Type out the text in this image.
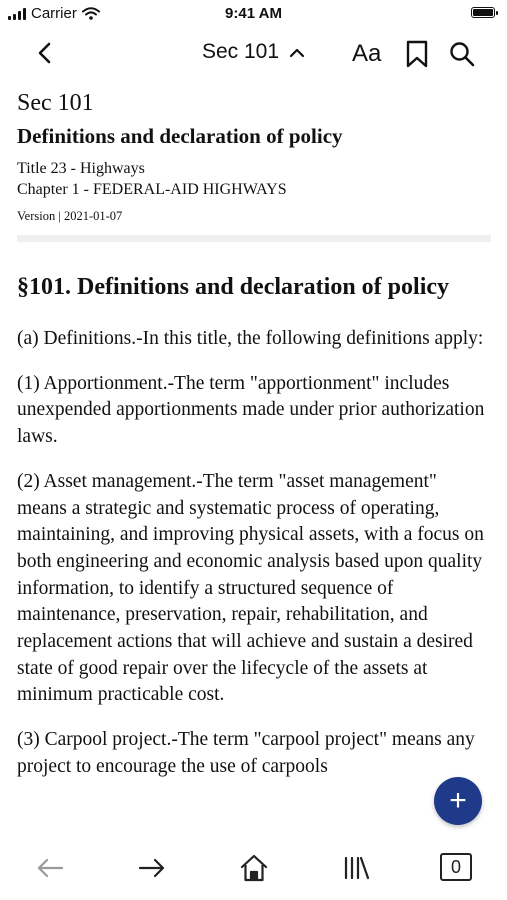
Carrier	9:41 AM
Sec 101	Aa

Sec 101

Definitions and declaration of policy

Title 23 - Highways

Chapter 1 - FEDERAL-AID HIGHWAYS

Version | 2021-01-07

§101. Definitions and declaration of policy

(a) Definitions.-In this title, the following definitions apply:

(1) Apportionment.-The term "apportionment" includes unexpended apportionments made under prior authorization laws.

(2) Asset management.-The term "asset management" means a strategic and systematic process of operating, maintaining, and improving physical assets, with a focus on both engineering and economic analysis based upon quality information, to identify a structured sequence of maintenance, preservation, repair, rehabilitation, and replacement actions that will achieve and sustain a desired state of good repair over the lifecycle of the assets at minimum practicable cost.

(3) Carpool project.-The term "carpool project" means any project to encourage the use of carpools

+
0
